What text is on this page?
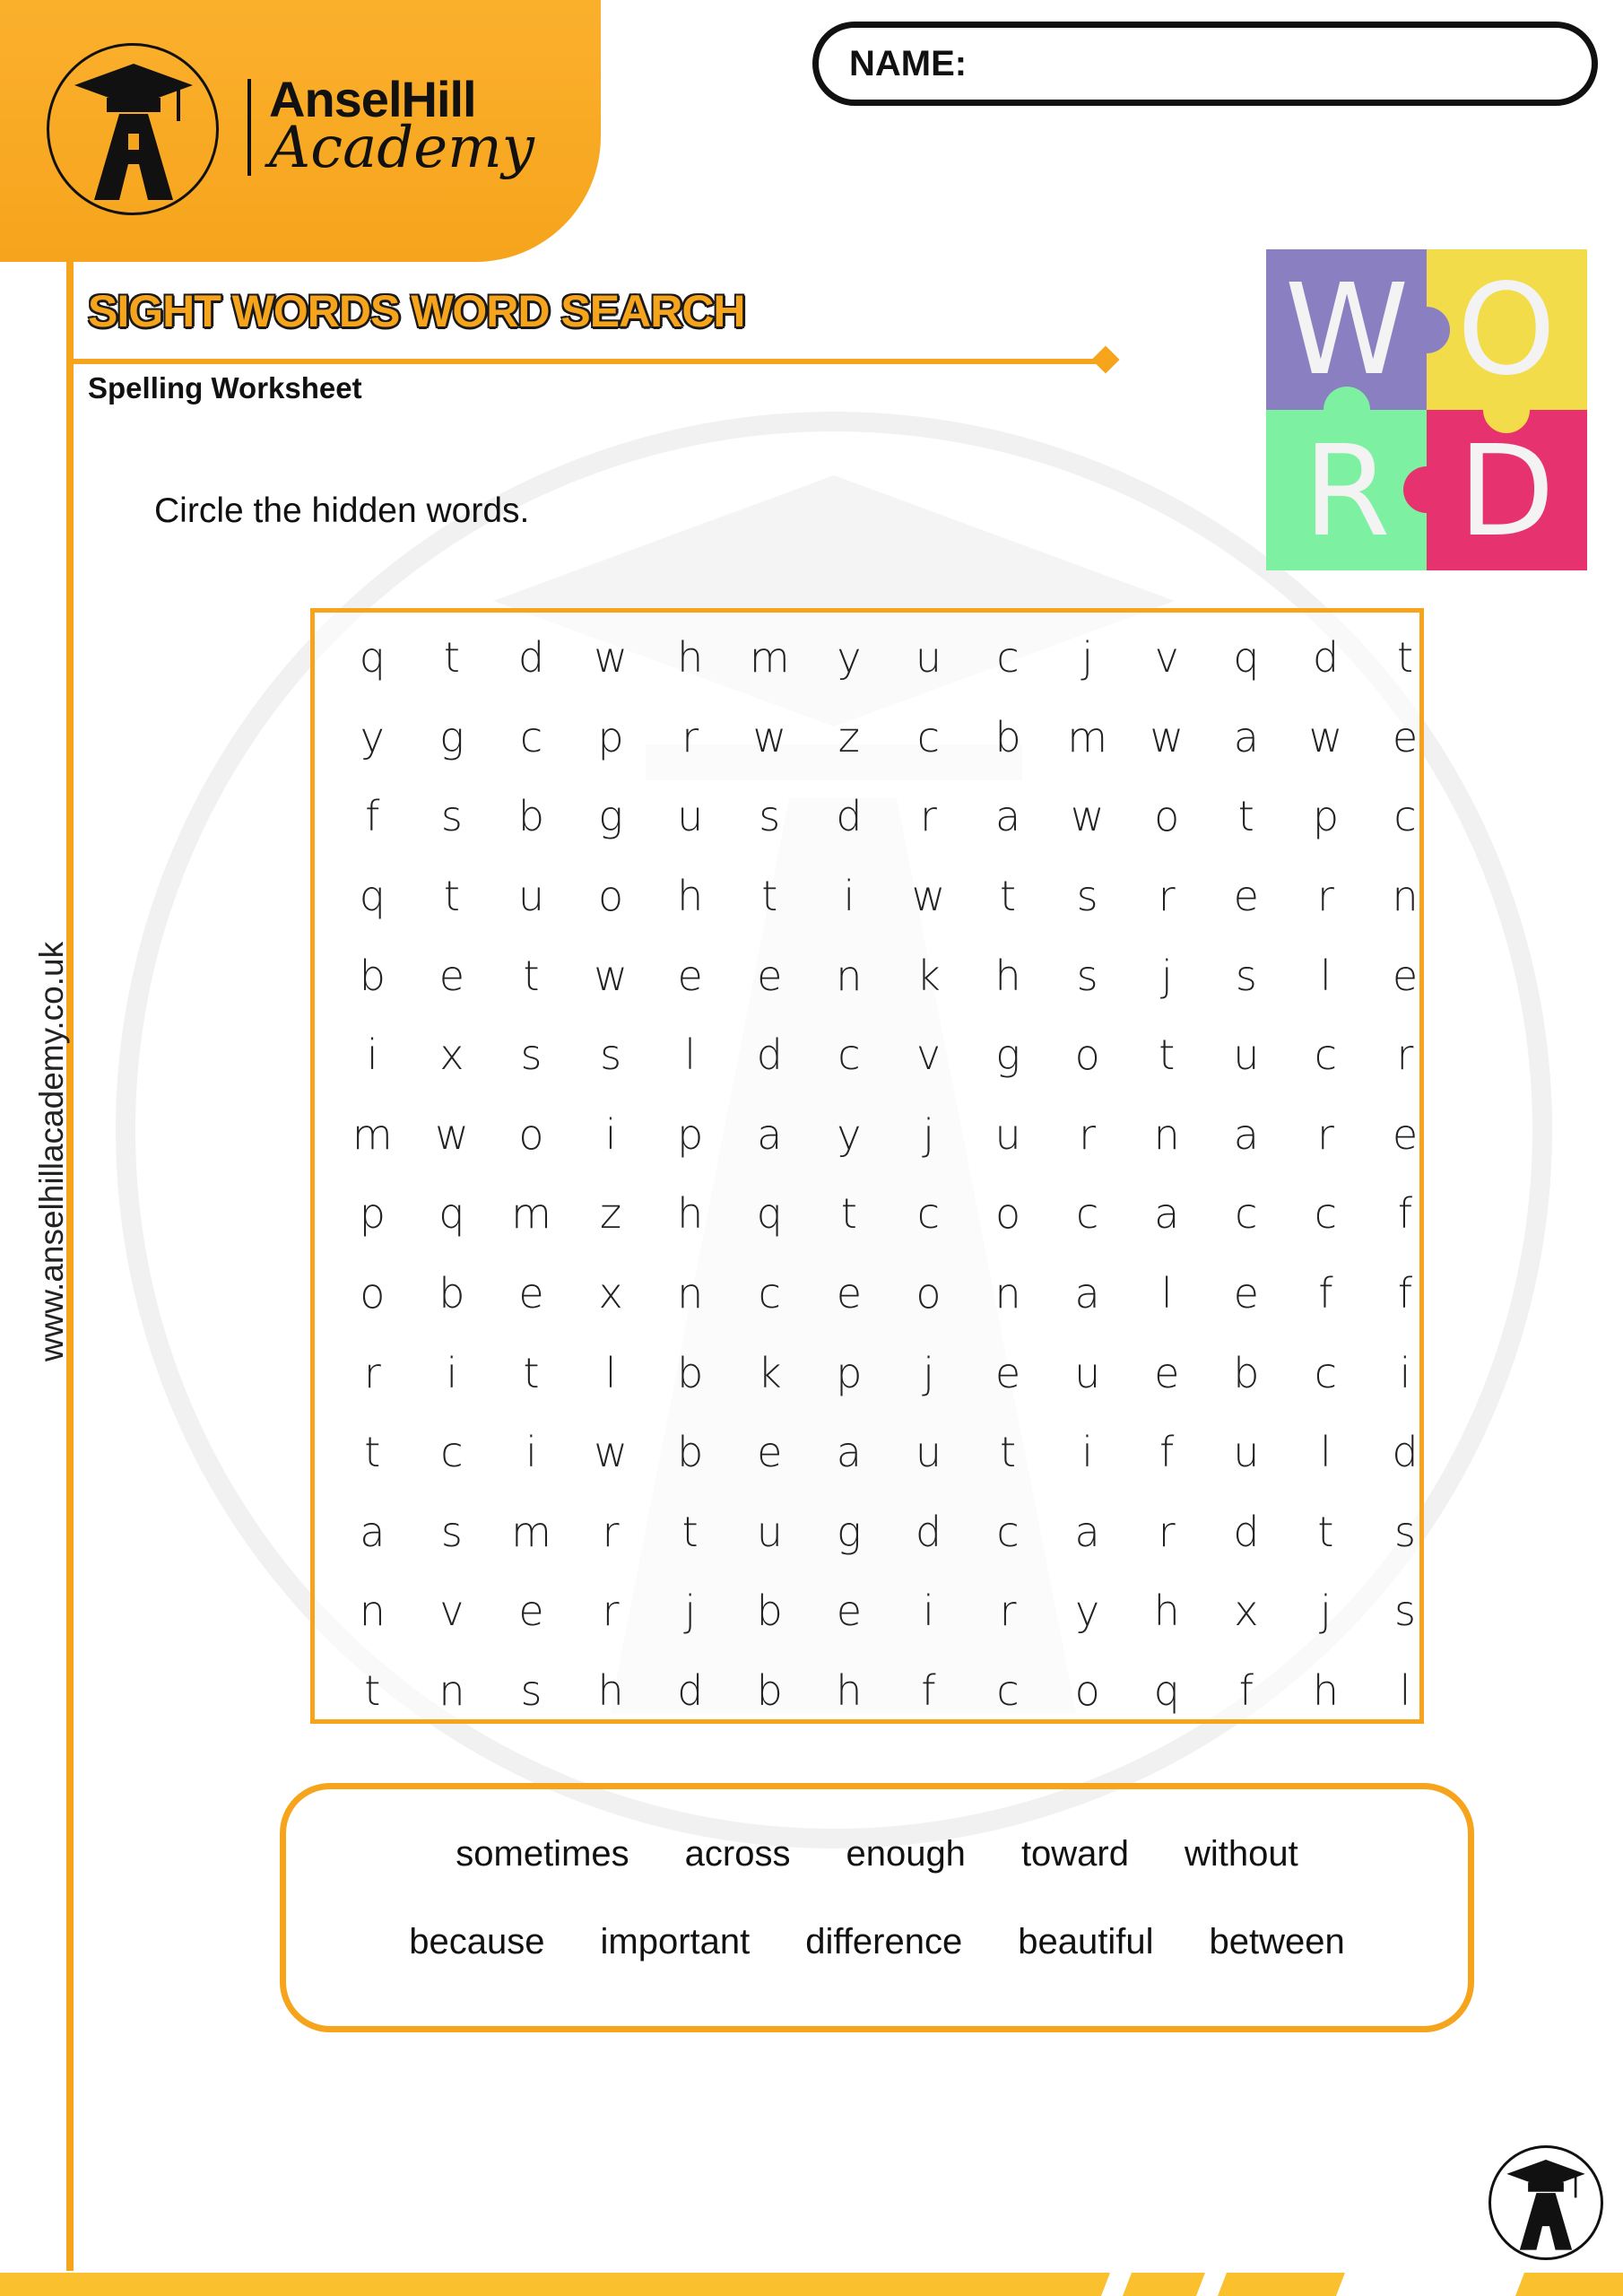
AnselHill
Academy
NAME:
SIGHT WORDS WORD SEARCH
Spelling Worksheet
Circle the hidden words.
W O
R D
q	t	d	w	h	m	y	u	c	j	v	q	d	t
y	g	c	p	r	w	z	c	b	m	w	a	w	e
f	s	b	g	u	s	d	r	a	w	o	t	p	c
q	t	u	o	h	t	i	w	t	s	r	e	r	n
b	e	t	w	e	e	n	k	h	s	j	s	l	e
i	x	s	s	l	d	c	v	g	o	t	u	c	r
m	w	o	i	p	a	y	j	u	r	n	a	r	e
p	q	m	z	h	q	t	c	o	c	a	c	c	f
o	b	e	x	n	c	e	o	n	a	l	e	f	f
r	i	t	l	b	k	p	j	e	u	e	b	c	i
t	c	i	w	b	e	a	u	t	i	f	u	l	d
a	s	m	r	t	u	g	d	c	a	r	d	t	s
n	v	e	r	j	b	e	i	r	y	h	x	j	s
t	n	s	h	d	b	h	f	c	o	q	f	h	l
sometimes across enough toward without
because important difference beautiful between
www.anselhillacademy.co.uk
